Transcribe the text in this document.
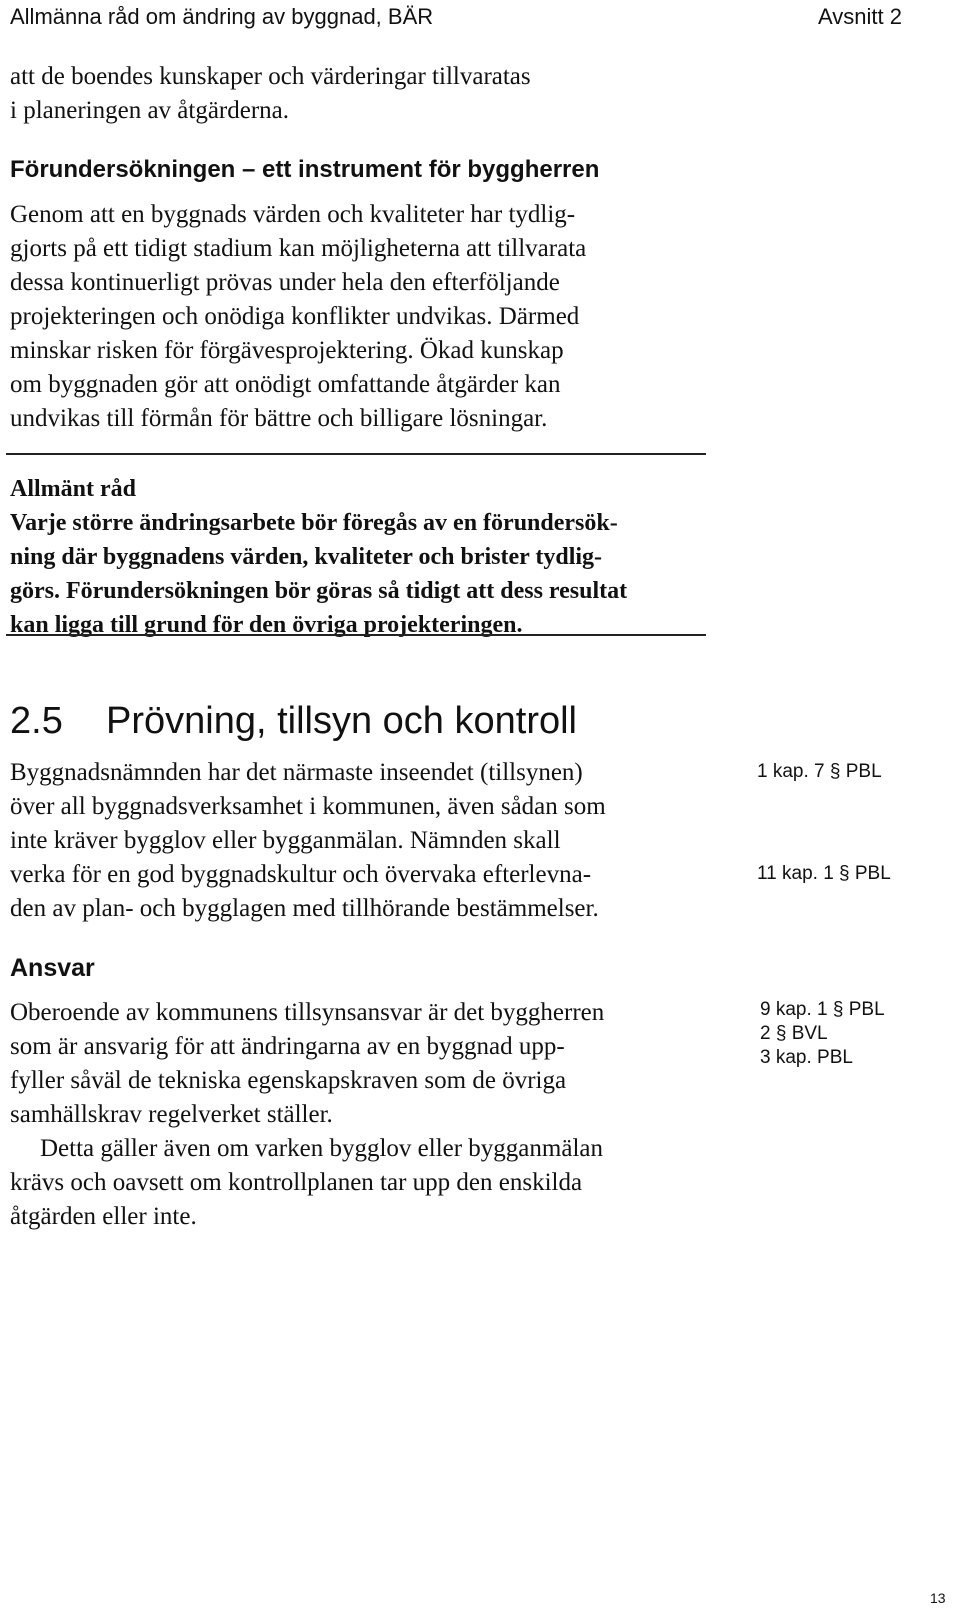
Allmänna råd om ändring av byggnad, BÄR	Avsnitt 2
att de boendes kunskaper och värderingar tillvaratas
i planeringen av åtgärderna.
Förundersökningen – ett instrument för byggherren
Genom att en byggnads värden och kvaliteter har tydlig-
gjorts på ett tidigt stadium kan möjligheterna att tillvarata
dessa kontinuerligt prövas under hela den efterföljande
projekteringen och onödiga konflikter undvikas. Därmed
minskar risken för förgävesprojektering. Ökad kunskap
om byggnaden gör att onödigt omfattande åtgärder kan
undvikas till förmån för bättre och billigare lösningar.
Allmänt råd
Varje större ändringsarbete bör föregås av en förundersök-
ning där byggnadens värden, kvaliteter och brister tydlig-
görs. Förundersökningen bör göras så tidigt att dess resultat
kan ligga till grund för den övriga projekteringen.
2.5 Prövning, tillsyn och kontroll
Byggnadsnämnden har det närmaste inseendet (tillsynen)
över all byggnadsverksamhet i kommunen, även sådan som
inte kräver bygglov eller bygganmälan. Nämnden skall
verka för en god byggnadskultur och övervaka efterlevna-
den av plan- och bygglagen med tillhörande bestämmelser.
1 kap. 7 § PBL
11 kap. 1 § PBL
Ansvar
Oberoende av kommunens tillsynsansvar är det byggherren
som är ansvarig för att ändringarna av en byggnad upp-
fyller såväl de tekniska egenskapskraven som de övriga
samhällskrav regelverket ställer.
Detta gäller även om varken bygglov eller bygganmälan
krävs och oavsett om kontrollplanen tar upp den enskilda
åtgärden eller inte.
9 kap. 1 § PBL
2 § BVL
3 kap. PBL
13
